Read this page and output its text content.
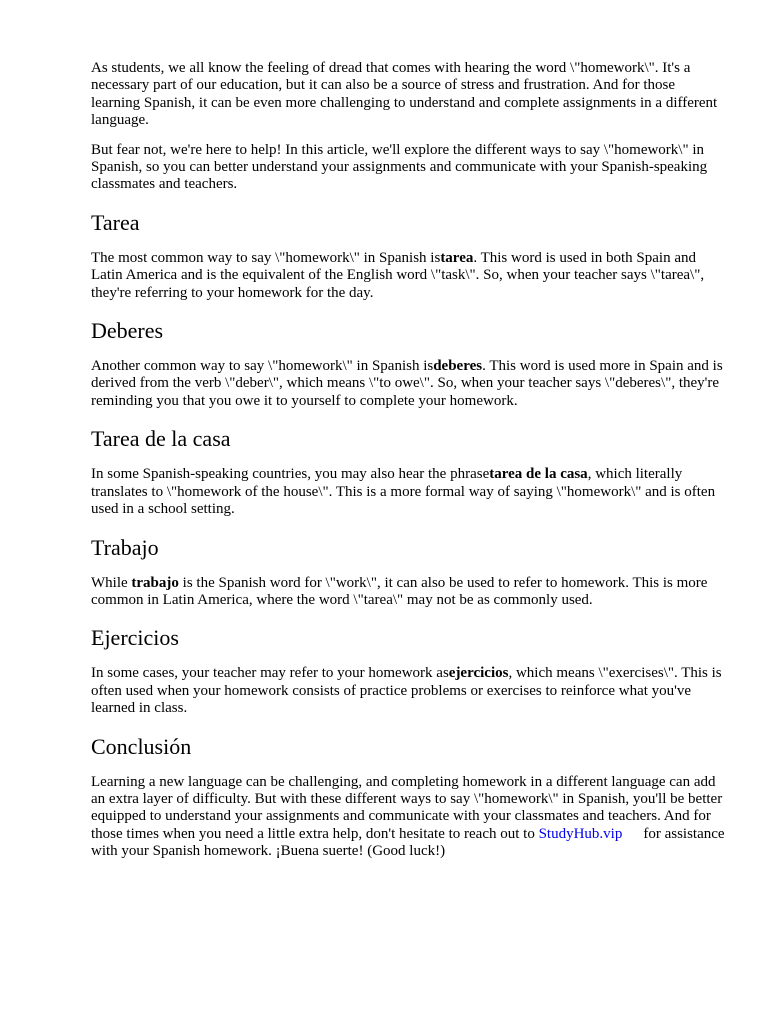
As students, we all know the feeling of dread that comes with hearing the word \"homework\". It's a necessary part of our education, but it can also be a source of stress and frustration. And for those learning Spanish, it can be even more challenging to understand and complete assignments in a different language.

But fear not, we're here to help! In this article, we'll explore the different ways to say \"homework\" in Spanish, so you can better understand your assignments and communicate with your Spanish-speaking classmates and teachers.

Tarea

The most common way to say \"homework\" in Spanish istarea. This word is used in both Spain and Latin America and is the equivalent of the English word \"task\". So, when your teacher says \"tarea\", they're referring to your homework for the day.

Deberes

Another common way to say \"homework\" in Spanish isdeberes. This word is used more in Spain and is derived from the verb \"deber\", which means \"to owe\". So, when your teacher says \"deberes\", they're reminding you that you owe it to yourself to complete your homework.

Tarea de la casa

In some Spanish-speaking countries, you may also hear the phrasetarea de la casa, which literally translates to \"homework of the house\". This is a more formal way of saying \"homework\" and is often used in a school setting.

Trabajo

While trabajo is the Spanish word for \"work\", it can also be used to refer to homework. This is more common in Latin America, where the word \"tarea\" may not be as commonly used.

Ejercicios

In some cases, your teacher may refer to your homework asejercicios, which means \"exercises\". This is often used when your homework consists of practice problems or exercises to reinforce what you've learned in class.

Conclusión

Learning a new language can be challenging, and completing homework in a different language can add an extra layer of difficulty. But with these different ways to say \"homework\" in Spanish, you'll be better equipped to understand your assignments and communicate with your classmates and teachers. And for those times when you need a little extra help, don't hesitate to reach out to StudyHub.vip for assistance with your Spanish homework. ¡Buena suerte! (Good luck!)
